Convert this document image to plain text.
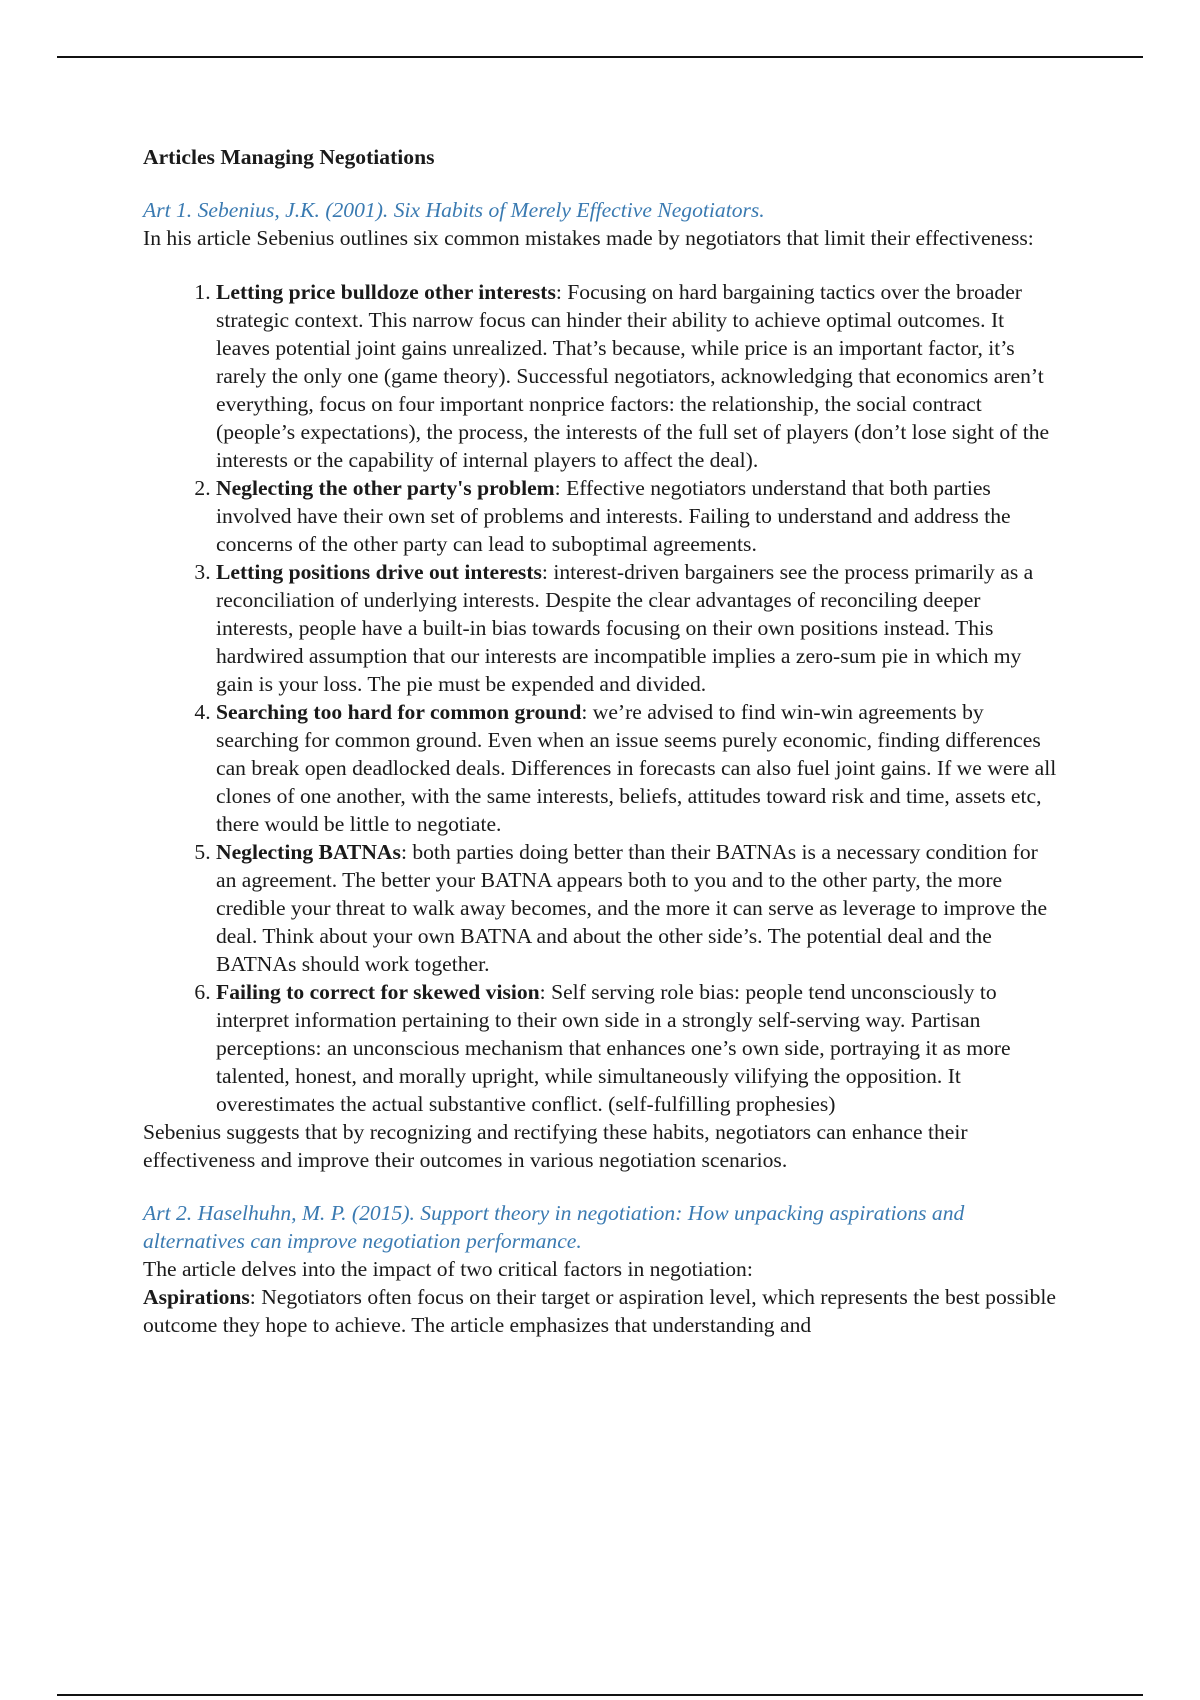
Articles Managing Negotiations
Art 1. Sebenius, J.K. (2001). Six Habits of Merely Effective Negotiators.

In his article Sebenius outlines six common mistakes made by negotiators that limit their effectiveness:

1. Letting price bulldoze other interests: Focusing on hard bargaining tactics over the broader strategic context. This narrow focus can hinder their ability to achieve optimal outcomes. It leaves potential joint gains unrealized. That’s because, while price is an important factor, it’s rarely the only one (game theory). Successful negotiators, acknowledging that economics aren’t everything, focus on four important nonprice factors: the relationship, the social contract (people’s expectations), the process, the interests of the full set of players (don’t lose sight of the interests or the capability of internal players to affect the deal).
2. Neglecting the other party's problem: Effective negotiators understand that both parties involved have their own set of problems and interests. Failing to understand and address the concerns of the other party can lead to suboptimal agreements.
3. Letting positions drive out interests: interest-driven bargainers see the process primarily as a reconciliation of underlying interests. Despite the clear advantages of reconciling deeper interests, people have a built-in bias towards focusing on their own positions instead. This hardwired assumption that our interests are incompatible implies a zero-sum pie in which my gain is your loss. The pie must be expended and divided.
4. Searching too hard for common ground: we’re advised to find win-win agreements by searching for common ground. Even when an issue seems purely economic, finding differences can break open deadlocked deals. Differences in forecasts can also fuel joint gains. If we were all clones of one another, with the same interests, beliefs, attitudes toward risk and time, assets etc, there would be little to negotiate.
5. Neglecting BATNAs: both parties doing better than their BATNAs is a necessary condition for an agreement. The better your BATNA appears both to you and to the other party, the more credible your threat to walk away becomes, and the more it can serve as leverage to improve the deal. Think about your own BATNA and about the other side’s. The potential deal and the BATNAs should work together.
6. Failing to correct for skewed vision: Self serving role bias: people tend unconsciously to interpret information pertaining to their own side in a strongly self-serving way. Partisan perceptions: an unconscious mechanism that enhances one’s own side, portraying it as more talented, honest, and morally upright, while simultaneously vilifying the opposition. It overestimates the actual substantive conflict. (self-fulfilling prophesies)

Sebenius suggests that by recognizing and rectifying these habits, negotiators can enhance their effectiveness and improve their outcomes in various negotiation scenarios.

Art 2. Haselhuhn, M. P. (2015). Support theory in negotiation: How unpacking aspirations and alternatives can improve negotiation performance.

The article delves into the impact of two critical factors in negotiation:

Aspirations: Negotiators often focus on their target or aspiration level, which represents the best possible outcome they hope to achieve. The article emphasizes that understanding and
